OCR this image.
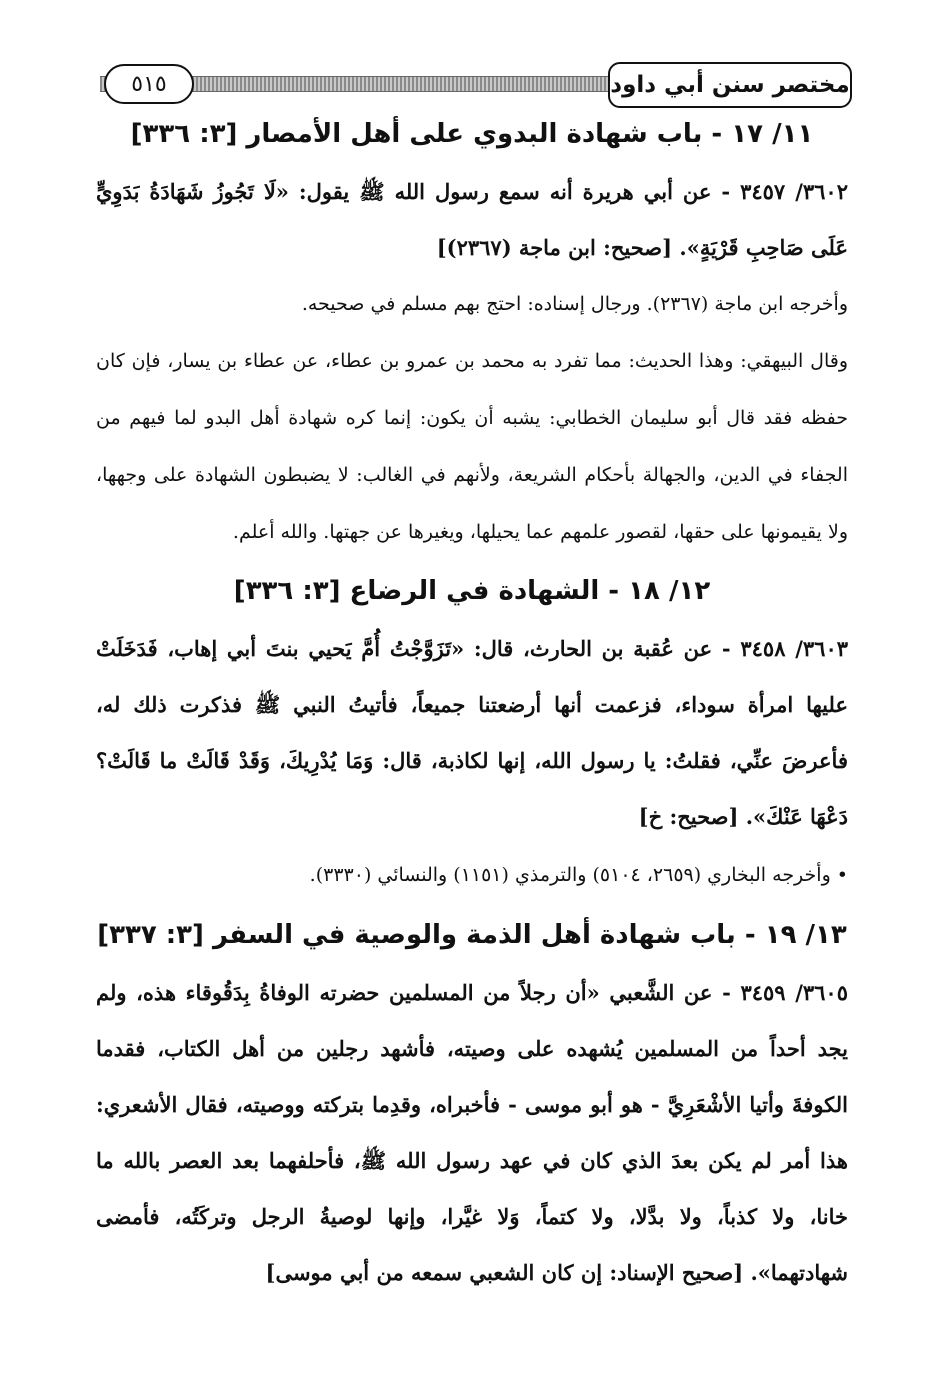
مختصر سنن أبي داود
٥١٥
١١/ ١٧ - باب شهادة البدوي على أهل الأمصار [٣: ٣٣٦]

٣٦٠٢/ ٣٤٥٧ - عن أبي هريرة أنه سمع رسول الله ﷺ يقول: «لَا تَجُوزُ شَهَادَةُ بَدَوِيٍّ عَلَى صَاحِبِ قَرْيَةٍ». [صحيح: ابن ماجة (٢٣٦٧)]

وأخرجه ابن ماجة (٢٣٦٧). ورجال إسناده: احتج بهم مسلم في صحيحه.

وقال البيهقي: وهذا الحديث: مما تفرد به محمد بن عمرو بن عطاء، عن عطاء بن يسار، فإن كان حفظه فقد قال أبو سليمان الخطابي: يشبه أن يكون: إنما كره شهادة أهل البدو لما فيهم من الجفاء في الدين، والجهالة بأحكام الشريعة، ولأنهم في الغالب: لا يضبطون الشهادة على وجهها، ولا يقيمونها على حقها، لقصور علمهم عما يحيلها، ويغيرها عن جهتها. والله أعلم.

١٢/ ١٨ - الشهادة في الرضاع [٣: ٣٣٦]

٣٦٠٣/ ٣٤٥٨ - عن عُقبة بن الحارث، قال: «تَزَوَّجْتُ أُمَّ يَحيي بنتَ أبي إهاب، فَدَخَلَتْ عليها امرأة سوداء، فزعمت أنها أرضعتنا جميعاً، فأتيتُ النبي ﷺ فذكرت ذلك له، فأعرضَ عنِّي، فقلتُ: يا رسول الله، إنها لكاذبة، قال: وَمَا يُدْرِيكَ، وَقَدْ قَالَتْ ما قَالَتْ؟ دَعْهَا عَنْكَ». [صحيح: خ]

• وأخرجه البخاري (٢٦٥٩، ٥١٠٤) والترمذي (١١٥١) والنسائي (٣٣٣٠).

١٣/ ١٩ - باب شهادة أهل الذمة والوصية في السفر [٣: ٣٣٧]

٣٦٠٥/ ٣٤٥٩ - عن الشَّعبي «أن رجلاً من المسلمين حضرته الوفاةُ بِدَقُوقاء هذه، ولم يجد أحداً من المسلمين يُشهده على وصيته، فأشهد رجلين من أهل الكتاب، فقدما الكوفةَ وأتيا الأشْعَرِيَّ - هو أبو موسى - فأخبراه، وقدِما بتركته ووصيته، فقال الأشعري: هذا أمر لم يكن بعدَ الذي كان في عهد رسول الله ﷺ، فأحلفهما بعد العصر بالله ما خانا، ولا كذباً، ولا بدَّلا، ولا كتماً، وَلا غيَّرا، وإنها لوصيةُ الرجل وتركَتُه، فأمضى شهادتهما». [صحيح الإسناد: إن كان الشعبي سمعه من أبي موسى]
